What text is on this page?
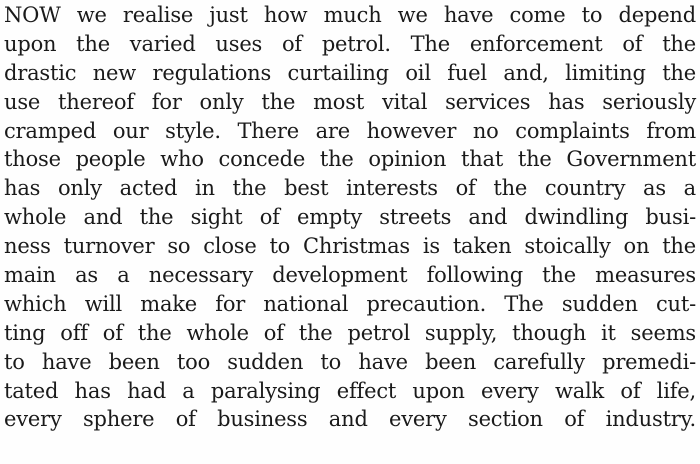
NOW we realise just how much we have come to depend
upon the varied uses of petrol. The enforcement of the
drastic new regulations curtailing oil fuel and, limiting the
use thereof for only the most vital services has seriously
cramped our style. There are however no complaints from
those people who concede the opinion that the Government
has only acted in the best interests of the country as a
whole and the sight of empty streets and dwindling busi-
ness turnover so close to Christmas is taken stoically on the
main as a necessary development following the measures
which will make for national precaution. The sudden cut-
ting off of the whole of the petrol supply, though it seems
to have been too sudden to have been carefully premedi-
tated has had a paralysing effect upon every walk of life,
every sphere of business and every section of industry.
